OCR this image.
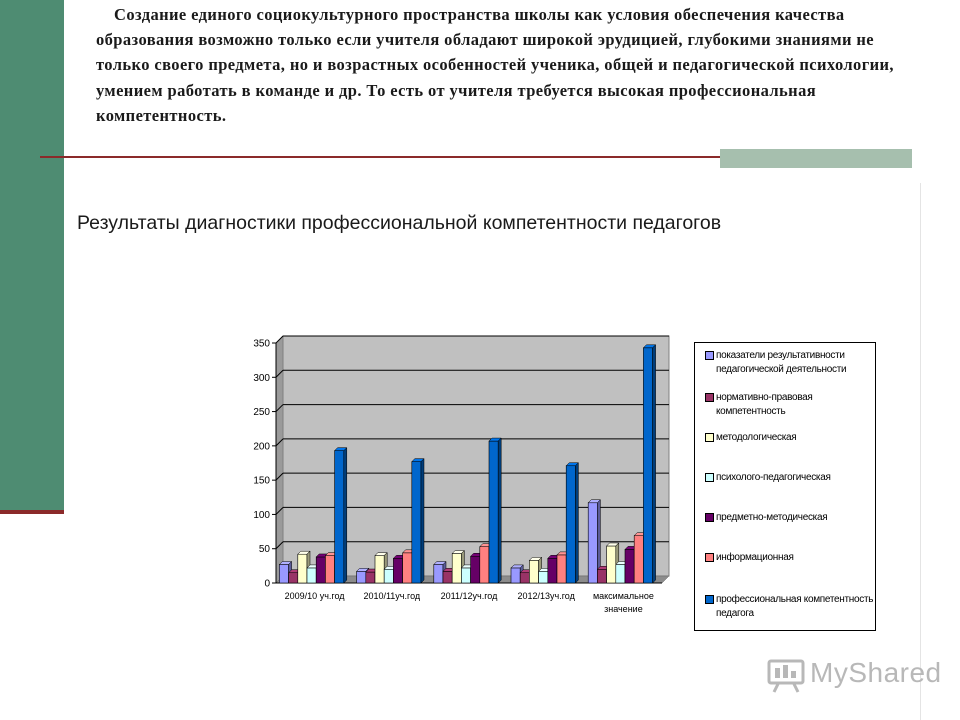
Создание единого социокультурного пространства школы как условия обеспечения качества образования возможно только если учителя обладают широкой эрудицией, глубокими знаниями не только своего предмета, но и возрастных особенностей ученика, общей и педагогической психологии, умением работать в команде и др. То есть от учителя требуется высокая профессиональная компетентность.

Результаты диагностики профессиональной компетентности педагогов
0
50
100
150
200
250
300
350
2009/10 уч.год 2010/11уч.год 2011/12уч.год 2012/13уч.год максимальное
значение
показатели результативности педагогической деятельности
нормативно-правовая компетентность
методологическая
психолого-педагогическая
предметно-методическая
информационная
профессиональная компетентность педагога
MyShared
